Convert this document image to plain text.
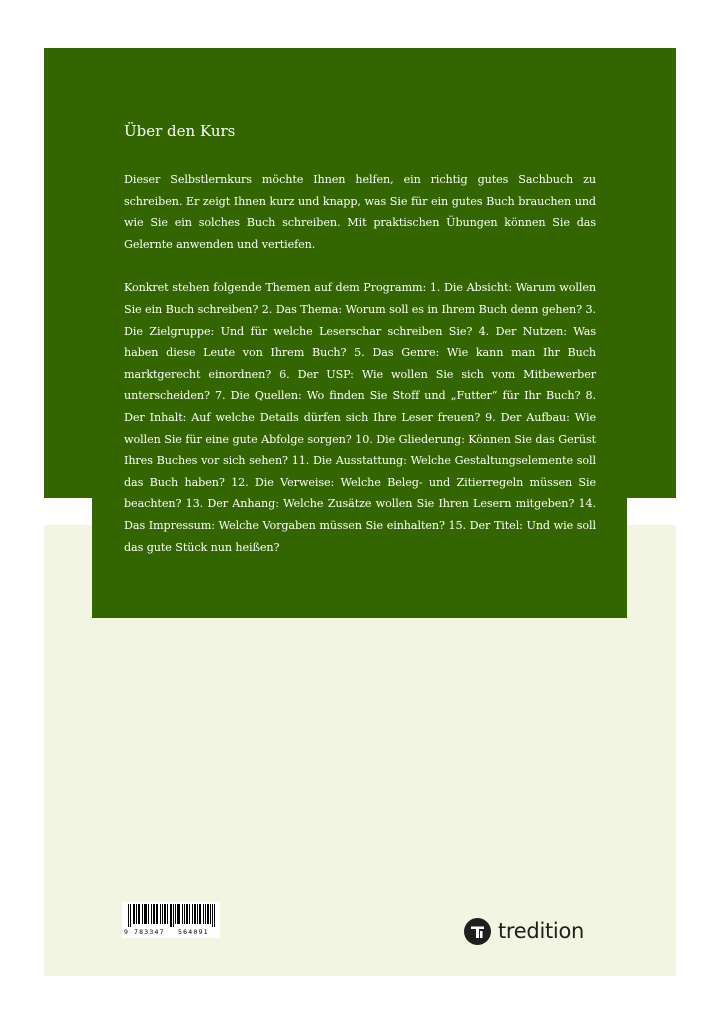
Über den Kurs

Dieser Selbstlernkurs möchte Ihnen helfen, ein richtig gutes Sachbuch zu schreiben. Er zeigt Ihnen kurz und knapp, was Sie für ein gutes Buch brauchen und wie Sie ein solches Buch schreiben. Mit praktischen Übungen können Sie das Gelernte anwenden und vertiefen.

Konkret stehen folgende Themen auf dem Programm: 1. Die Absicht: Warum wollen Sie ein Buch schreiben? 2. Das Thema: Worum soll es in Ihrem Buch denn gehen? 3. Die Zielgruppe: Und für welche Leserschar schreiben Sie? 4. Der Nutzen: Was haben diese Leute von Ihrem Buch? 5. Das Genre: Wie kann man Ihr Buch marktgerecht einordnen? 6. Der USP: Wie wollen Sie sich vom Mitbewerber unterscheiden? 7. Die Quellen: Wo finden Sie Stoff und „Futter“ für Ihr Buch? 8. Der Inhalt: Auf welche Details dürfen sich Ihre Leser freuen? 9. Der Aufbau: Wie wollen Sie für eine gute Abfolge sorgen? 10. Die Gliederung: Können Sie das Gerüst Ihres Buches vor sich sehen? 11. Die Ausstattung: Welche Gestaltungselemente soll das Buch haben? 12. Die Verweise: Welche Beleg- und Zitierregeln müssen Sie beachten? 13. Der Anhang: Welche Zusätze wollen Sie Ihren Lesern mitgeben? 14. Das Impressum: Welche Vorgaben müssen Sie einhalten? 15. Der Titel: Und wie soll das gute Stück nun heißen?

9 783347 564091	tredition
